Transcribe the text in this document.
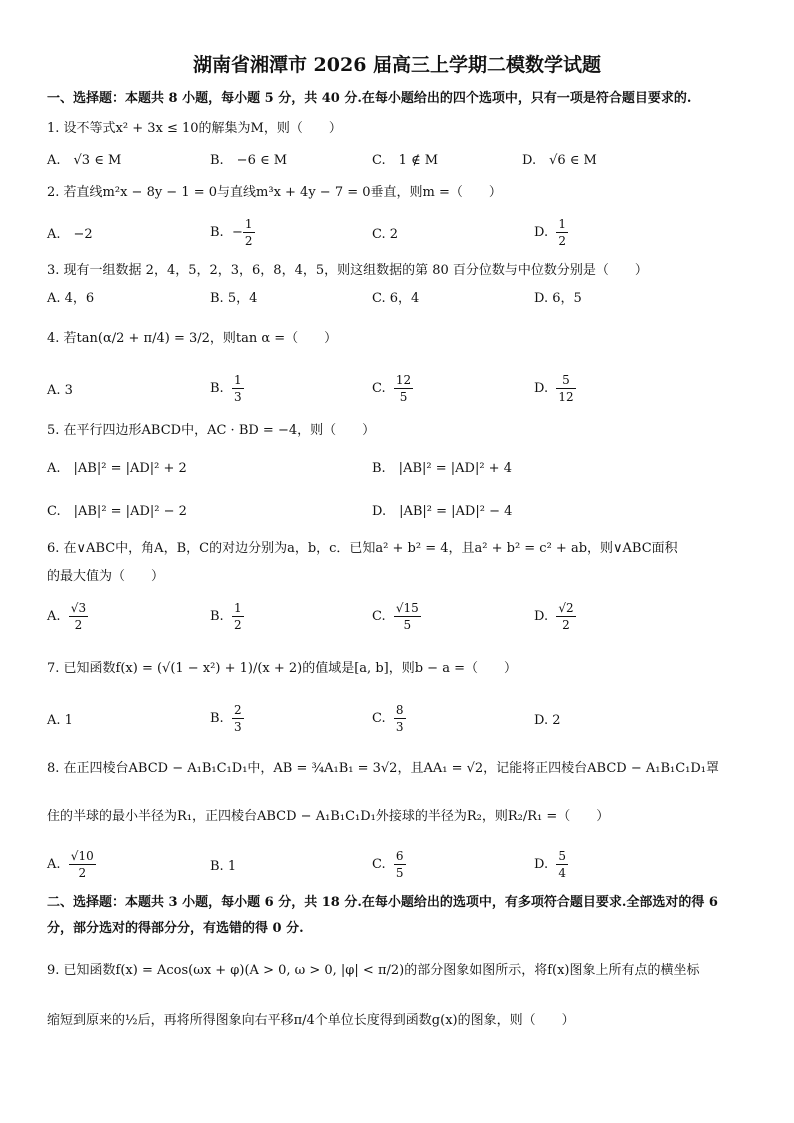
湖南省湘潭市 2026 届高三上学期二模数学试题
一、选择题：本题共 8 小题，每小题 5 分，共 40 分.在每小题给出的四个选项中，只有一项是符合题目要求的.
1. 设不等式x² + 3x ≤ 10的解集为M，则（　　）
A.　√3 ∈ M	B.　−6 ∈ M	C.　1 ∉ M	D.　√6 ∈ M
2. 若直线m²x − 8y − 1 = 0与直线m³x + 4y − 7 = 0垂直，则m =（　　）
A.　−2	B. − $\frac{1}{2}$	C. 2	D. $\frac{1}{2}$
3. 现有一组数据 2，4，5，2，3，6，8，4，5，则这组数据的第 80 百分位数与中位数分别是（　　）
A. 4，6	B. 5，4	C. 6，4	D. 6，5
4. 若tan(α/2 + π/4) = 3/2，则tan α =（　　）
A. 3	B. $\frac{1}{3}$	C. $\frac{12}{5}$	D. $\frac{5}{12}$
5. 在平行四边形ABCD中，AC · BD = −4，则（　　）
A.　|AB|² = |AD|² + 2	B.　|AB|² = |AD|² + 4
C.　|AB|² = |AD|² − 2	D.　|AB|² = |AD|² − 4
6. 在∨ABC中，角A，B，C的对边分别为a，b，c．已知a² + b² = 4，且a² + b² = c² + ab，则∨ABC面积
的最大值为（　　）
A. $\frac{√3}{2}$	B. $\frac{1}{2}$	C. $\frac{√15}{5}$	D. $\frac{√2}{2}$
7. 已知函数f(x) = (√(1 − x²) + 1)/(x + 2)的值域是[a, b]，则b − a =（　　）
A. 1	B. $\frac{2}{3}$	C. $\frac{8}{3}$	D. 2
8. 在正四棱台ABCD − A₁B₁C₁D₁中，AB = ¾A₁B₁ = 3√2，且AA₁ = √2，记能将正四棱台ABCD − A₁B₁C₁D₁罩
住的半球的最小半径为R₁，正四棱台ABCD − A₁B₁C₁D₁外接球的半径为R₂，则R₂/R₁ =（　　）
A. $\frac{√10}{2}$	B. 1	C. $\frac{6}{5}$	D. $\frac{5}{4}$
二、选择题：本题共 3 小题，每小题 6 分，共 18 分.在每小题给出的选项中，有多项符合题目要求.全部选对的得 6
分，部分选对的得部分分，有选错的得 0 分.
9. 已知函数f(x) = Acos(ωx + φ)(A > 0, ω > 0, |φ| < π/2)的部分图象如图所示，将f(x)图象上所有点的横坐标
缩短到原来的½后，再将所得图象向右平移π/4个单位长度得到函数g(x)的图象，则（　　）
